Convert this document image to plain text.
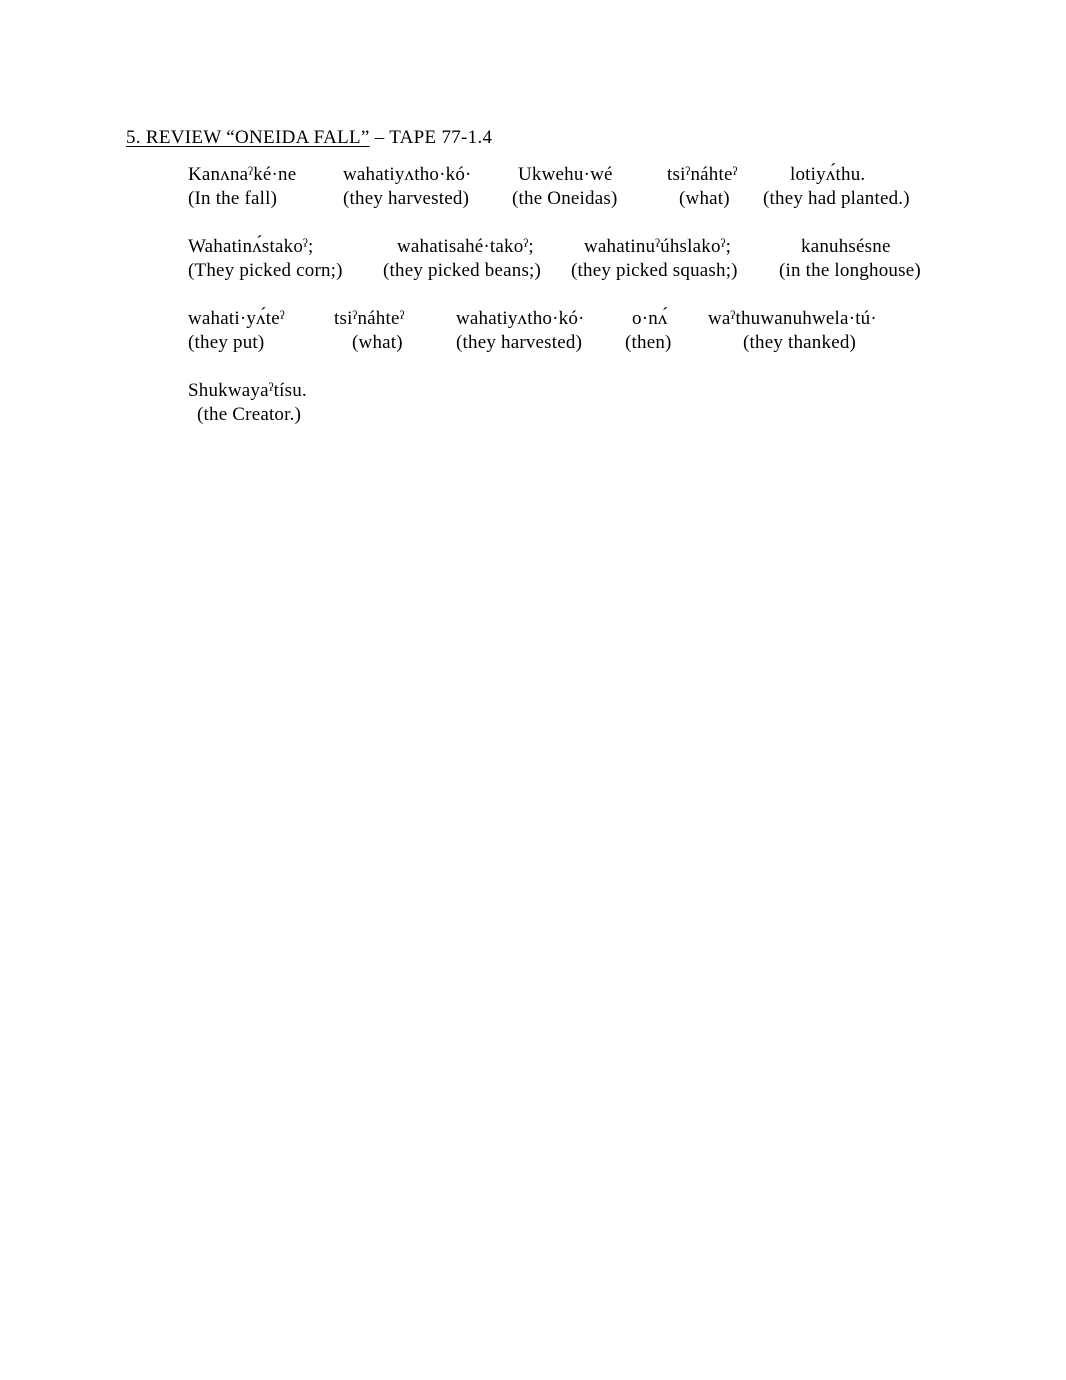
5. REVIEW “ONEIDA FALL” – TAPE 77-1.4
Kanʌnaˀké·ne wahatiyʌtho·kó· Ukwehu·wé	tsiˀnáhteˀ	lotiyʌ́thu.
(In the fall)	(they harvested) (the Oneidas)	(what) (they had planted.)
Wahatinʌ́stakoˀ;	wahatisahé·takoˀ;	wahatinuˀúhslakoˀ;	kanuhsésne
(They picked corn;) (they picked beans;) (they picked squash;) (in the longhouse)
wahati·yʌ́teˀ	tsiˀnáhteˀ	wahatiyʌtho·kó· o·nʌ́ waˀthuwanuhwela·tú·
(they put)	(what)	(they harvested) (then)	(they thanked)
Shukwayaˀtísu.
(the Creator.)
